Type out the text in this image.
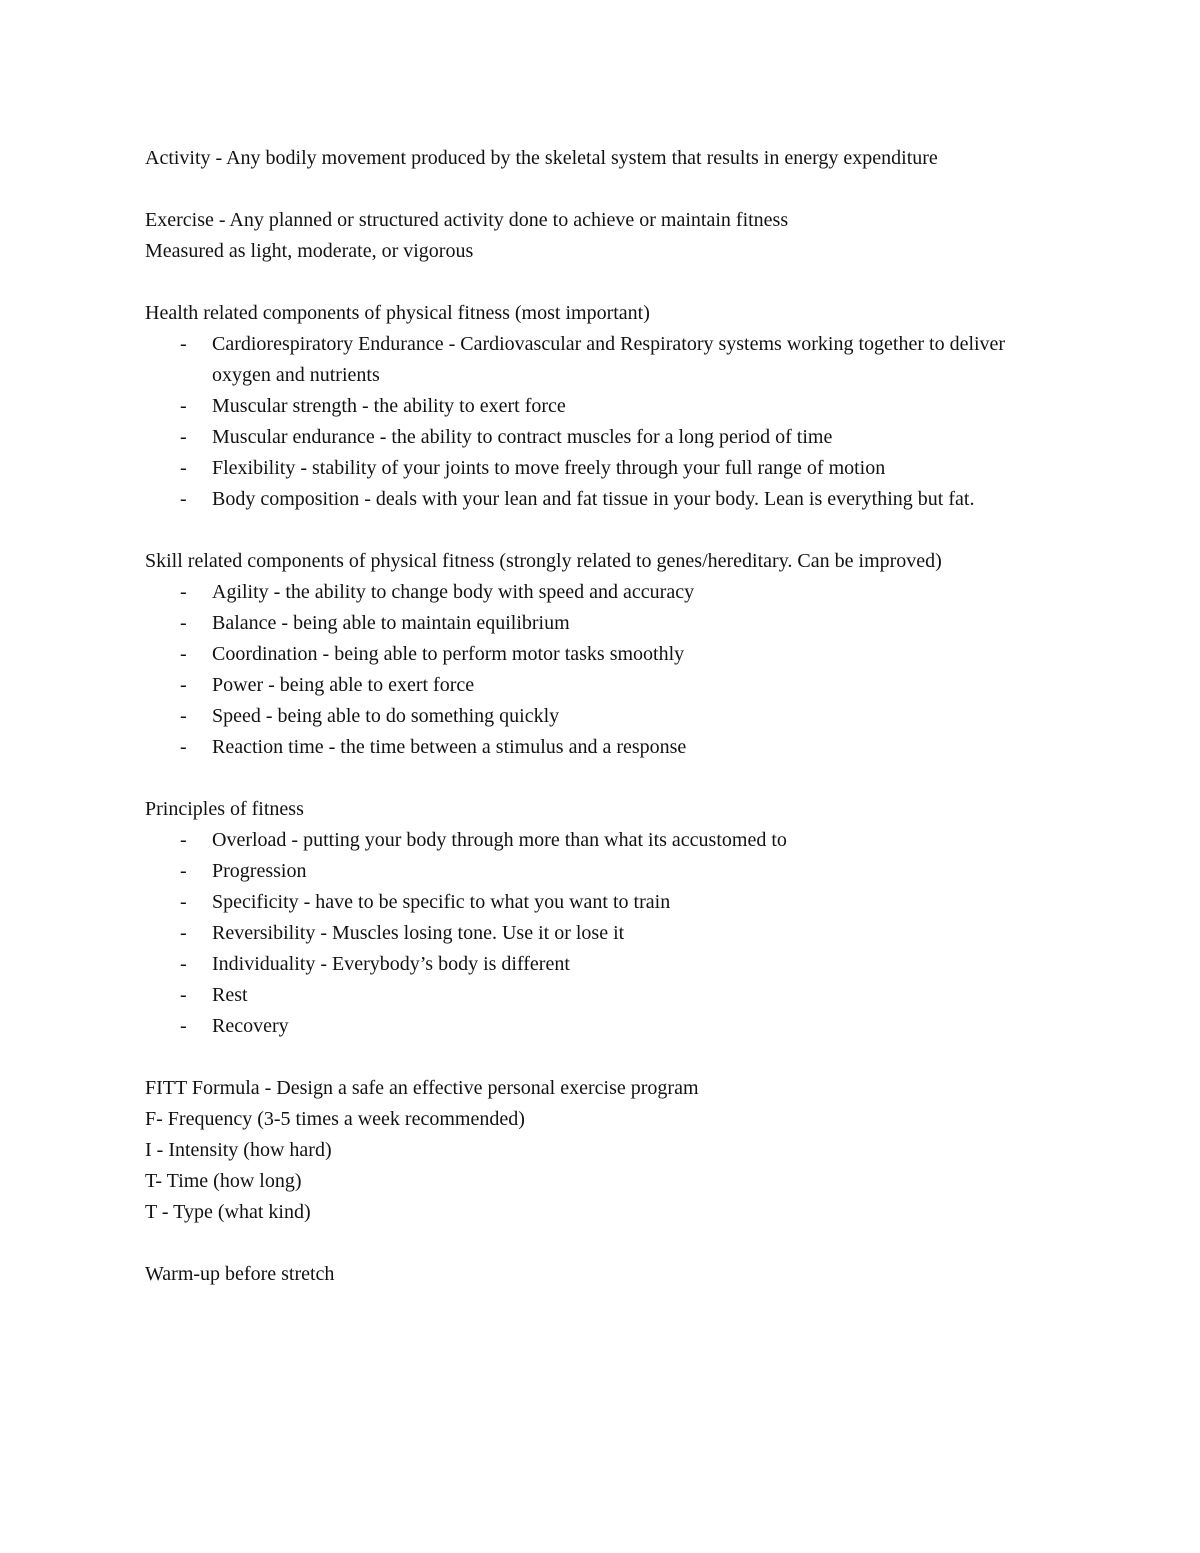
Activity - Any bodily movement produced by the skeletal system that results in energy expenditure

Exercise - Any planned or structured activity done to achieve or maintain fitness
Measured as light, moderate, or vigorous

Health related components of physical fitness (most important)

-	Cardiorespiratory Endurance - Cardiovascular and Respiratory systems working together to deliver oxygen and nutrients
-	Muscular strength - the ability to exert force
-	Muscular endurance - the ability to contract muscles for a long period of time
-	Flexibility - stability of your joints to move freely through your full range of motion
-	Body composition - deals with your lean and fat tissue in your body. Lean is everything but fat.

Skill related components of physical fitness (strongly related to genes/hereditary. Can be improved)

-	Agility - the ability to change body with speed and accuracy
-	Balance - being able to maintain equilibrium
-	Coordination - being able to perform motor tasks smoothly
-	Power - being able to exert force
-	Speed - being able to do something quickly
-	Reaction time - the time between a stimulus and a response

Principles of fitness

-	Overload - putting your body through more than what its accustomed to
-	Progression
-	Specificity - have to be specific to what you want to train
-	Reversibility - Muscles losing tone. Use it or lose it
-	Individuality - Everybody’s body is different
-	Rest
-	Recovery
FITT Formula - Design a safe an effective personal exercise program
F- Frequency (3-5 times a week recommended)
I - Intensity (how hard)
T- Time (how long)
T - Type (what kind)

Warm-up before stretch
